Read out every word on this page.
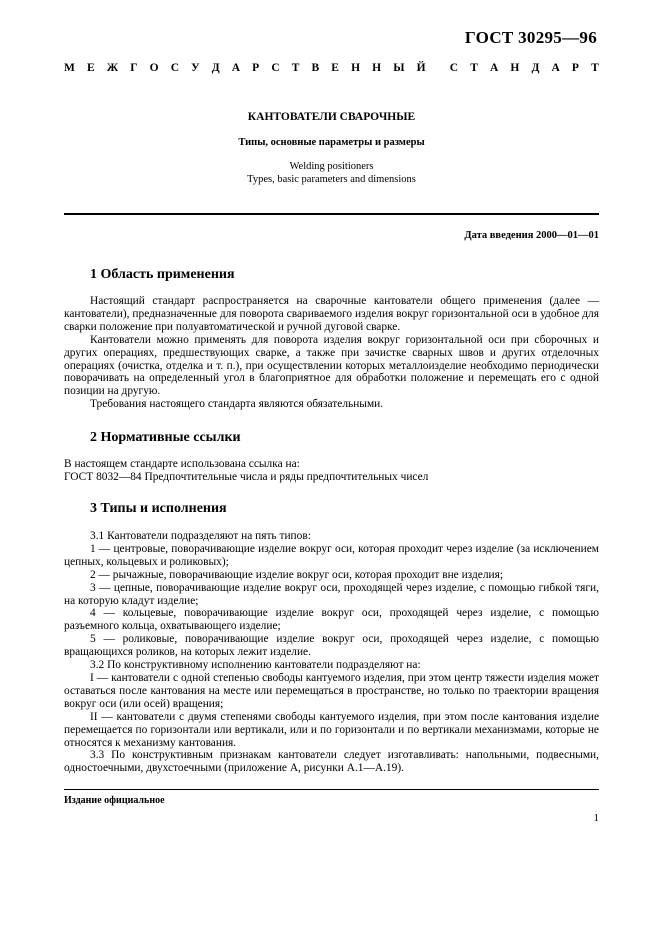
ГОСТ 30295—96
М Е Ж Г О С У Д А Р С Т В Е Н Н Ы Й С Т А Н Д А Р Т
КАНТОВАТЕЛИ СВАРОЧНЫЕ
Типы, основные параметры и размеры
Welding positioners
Types, basic parameters and dimensions
Дата введения 2000—01—01
1 Область применения

Настоящий стандарт распространяется на сварочные кантователи общего применения (далее — кантователи), предназначенные для поворота свариваемого изделия вокруг горизонтальной оси в удобное для сварки положение при полуавтоматической и ручной дуговой сварке.

Кантователи можно применять для поворота изделия вокруг горизонтальной оси при сборочных и других операциях, предшествующих сварке, а также при зачистке сварных швов и других отделочных операциях (очистка, отделка и т. п.), при осуществлении которых металлоизделие необходимо периодически поворачивать на определенный угол в благоприятное для обработки положение и перемещать его с одной позиции на другую.

Требования настоящего стандарта являются обязательными.

2 Нормативные ссылки

В настоящем стандарте использована ссылка на:

ГОСТ 8032—84 Предпочтительные числа и ряды предпочтительных чисел

3 Типы и исполнения

3.1 Кантователи подразделяют на пять типов:

1 — центровые, поворачивающие изделие вокруг оси, которая проходит через изделие (за исключением цепных, кольцевых и роликовых);

2 — рычажные, поворачивающие изделие вокруг оси, которая проходит вне изделия;

3 — цепные, поворачивающие изделие вокруг оси, проходящей через изделие, с помощью гибкой тяги, на которую кладут изделие;

4 — кольцевые, поворачивающие изделие вокруг оси, проходящей через изделие, с помощью разъемного кольца, охватывающего изделие;

5 — роликовые, поворачивающие изделие вокруг оси, проходящей через изделие, с помощью вращающихся роликов, на которых лежит изделие.

3.2 По конструктивному исполнению кантователи подразделяют на:

I — кантователи с одной степенью свободы кантуемого изделия, при этом центр тяжести изделия может оставаться после кантования на месте или перемещаться в пространстве, но только по траектории вращения вокруг оси (или осей) вращения;

II — кантователи с двумя степенями свободы кантуемого изделия, при этом после кантования изделие перемещается по горизонтали или вертикали, или и по горизонтали и по вертикали механизмами, которые не относятся к механизму кантования.

3.3 По конструктивным признакам кантователи следует изготавливать: напольными, подвесными, одностоечными, двухстоечными (приложение А, рисунки А.1—А.19).

Издание официальное
1
